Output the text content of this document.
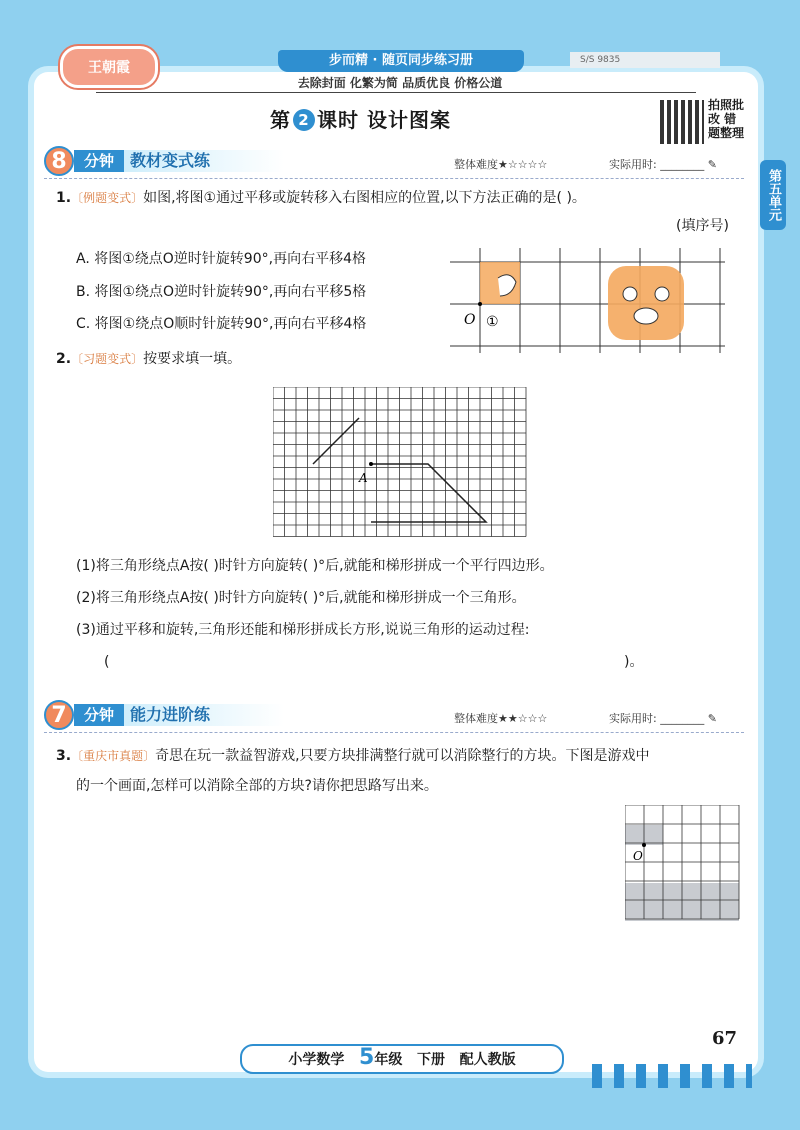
王朝霞	步而精 · 随页同步练习册	S/S 9835
去除封面 化繁为简 品质优良 价格公道
第 2 课时 设计图案
拍照批改 错题整理
第五单元
8	分钟	教材变式练	整体难度★☆☆☆☆	实际用时: ________ ✎
1.〔例题变式〕如图,将图①通过平移或旋转移入右图相应的位置,以下方法正确的是( )。
(填序号)
A. 将图①绕点O逆时针旋转90°,再向右平移4格
B. 将图①绕点O逆时针旋转90°,再向右平移5格
C. 将图①绕点O顺时针旋转90°,再向右平移4格	O ①
2.〔习题变式〕按要求填一填。
A
(1)将三角形绕点A按( )时针方向旋转( )°后,就能和梯形拼成一个平行四边形。
(2)将三角形绕点A按( )时针方向旋转( )°后,就能和梯形拼成一个三角形。
(3)通过平移和旋转,三角形还能和梯形拼成长方形,说说三角形的运动过程:
(	)。
7	分钟	能力进阶练	整体难度★★☆☆☆	实际用时: ________ ✎
3.〔重庆市真题〕奇思在玩一款益智游戏,只要方块排满整行就可以消除整行的方块。下图是游戏中
的一个画面,怎样可以消除全部的方块?请你把思路写出来。
O
67
小学数学 5年级 下册 配人教版
